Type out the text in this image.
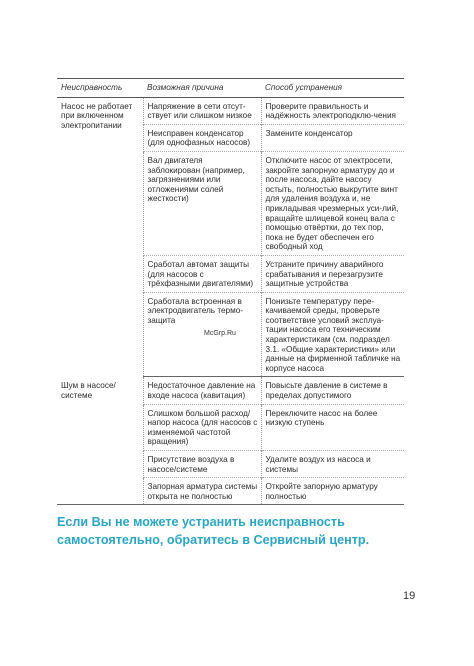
Неисправность	Возможная причина	Способ устранения
Насос не работает при включенном электропитании	Напряжение в сети отсут-ствует или слишком низкое	Проверите правильность и надёжность электроподклю-чения
	Неисправен конденсатор (для однофазных насосов)	Замените конденсатор
	Вал двигателя заблокирован (например, загрязнениями или отложениями солей жесткости)	Отключите насос от электросети, закройте запорную арматуру до и после насоса, дайте насосу остыть, полностью выкрутите винт для удаления воздуха и, не прикладывая чрезмерных уси-лий, вращайте шлицевой конец вала с помощью отвёртки, до тех пор, пока не будет обеспечен его свободный ход
	Сработал автомат защиты (для насосов с трёхфазными двигателями)	Устраните причину аварийного срабатывания и перезагрузите защитные устройства
	Сработала встроенная в электродвигатель термо-защита	Понизьте температуру пере-качиваемой среды, проверьте соответствие условий эксплуа-тации насоса его техническим характеристикам (см. подраздел 3.1. «Общие характеристики» или данные на фирменной табличке на корпусе насоса
Шум в насосе/ системе	Недостаточное давление на входе насоса (кавитация)	Повысьте давление в системе в пределах допустимого
	Слишком большой расход/ напор насоса (для насосов с изменяемой частотой вращения)	Переключите насос на более низкую ступень
	Присутствие воздуха в насосе/системе	Удалите воздух из насоса и системы
	Запорная арматура системы открыта не полностью	Откройте запорную арматуру полностью
McGrp.Ru
Если Вы не можете устранить неисправность самостоятельно, обратитесь в Сервисный центр.
19
